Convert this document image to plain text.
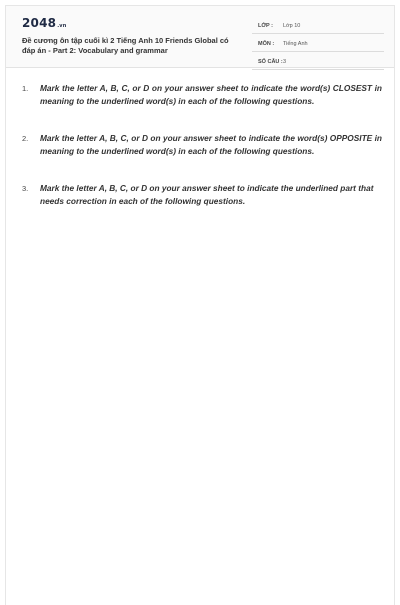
2048.vn
Đề cương ôn tập cuối kì 2 Tiếng Anh 10 Friends Global có đáp án - Part 2: Vocabulary and grammar
LỚP : Lớp 10
MÔN : Tiếng Anh
SỐ CÂU : 3
1. Mark the letter A, B, C, or D on your answer sheet to indicate the word(s) CLOSEST in meaning to the underlined word(s) in each of the following questions.
2. Mark the letter A, B, C, or D on your answer sheet to indicate the word(s) OPPOSITE in meaning to the underlined word(s) in each of the following questions.
3. Mark the letter A, B, C, or D on your answer sheet to indicate the underlined part that needs correction in each of the following questions.
